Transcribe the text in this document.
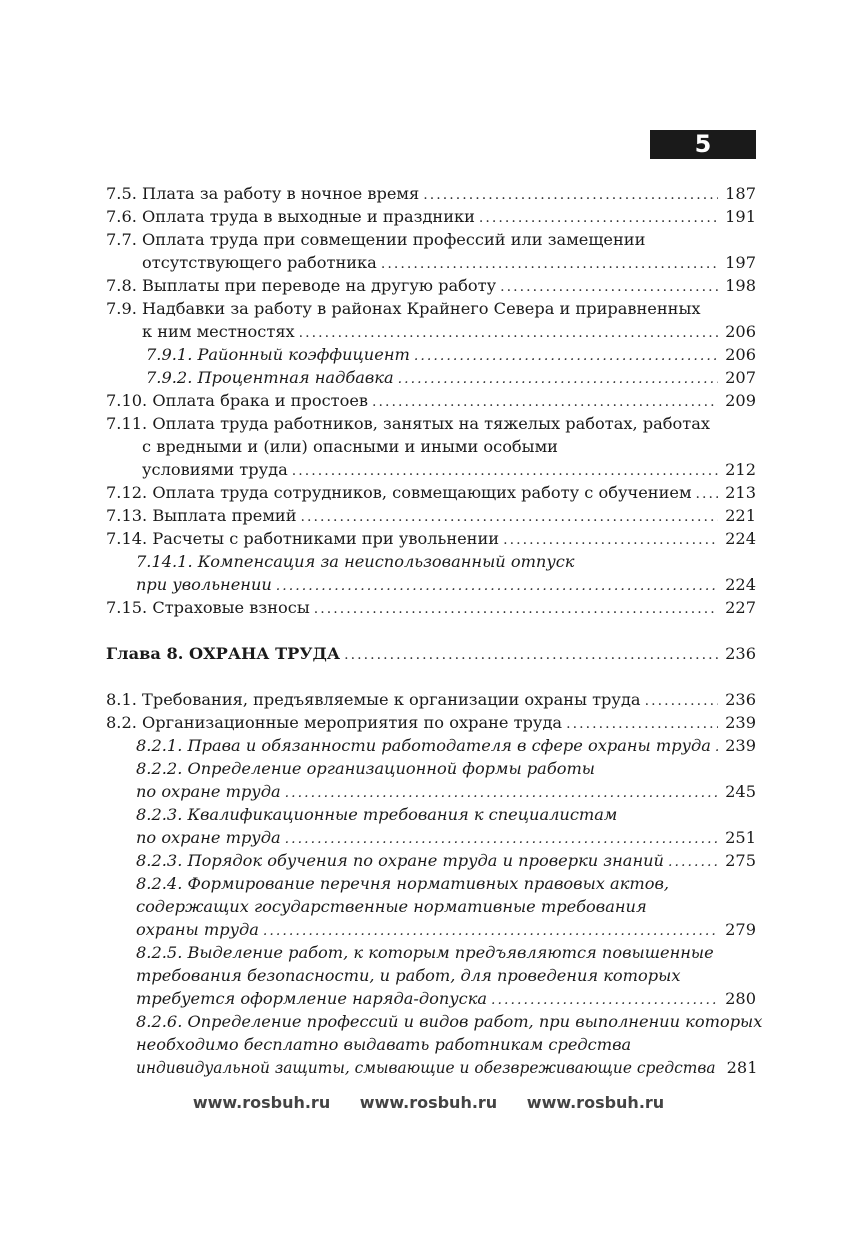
5
7.5. Плата за работу в ночное время . . .	187
7.6. Оплата труда в выходные и праздники . . .	191
7.7. Оплата труда при совмещении профессий или замещении
отсутствующего работника . . .	197
7.8. Выплаты при переводе на другую работу . . .	198
7.9. Надбавки за работу в районах Крайнего Севера и приравненных
к ним местностях . . .	206
7.9.1. Районный коэффициент . . .	206
7.9.2. Процентная надбавка . . .	207
7.10. Оплата брака и простоев . . .	209
7.11. Оплата труда работников, занятых на тяжелых работах, работах
с вредными и (или) опасными и иными особыми
условиями труда . . .	212
7.12. Оплата труда сотрудников, совмещающих работу с обучением . . . 213
7.13. Выплата премий . . .	221
7.14. Расчеты с работниками при увольнении . . .	224
7.14.1. Компенсация за неиспользованный отпуск
при увольнении . . .	224
7.15. Страховые взносы . . .	227
Глава 8. ОХРАНА ТРУДА . . .	236
8.1. Требования, предъявляемые к организации охраны труда . . .	236
8.2. Организационные мероприятия по охране труда . . .	239
8.2.1. Права и обязанности работодателя в сфере охраны труда . . . 239
8.2.2. Определение организационной формы работы
по охране труда . . .	245
8.2.3. Квалификационные требования к специалистам
по охране труда . . .	251
8.2.3. Порядок обучения по охране труда и проверки знаний . . .	275
8.2.4. Формирование перечня нормативных правовых актов,
содержащих государственные нормативные требования
охраны труда . . .	279
8.2.5. Выделение работ, к которым предъявляются повышенные
требования безопасности, и работ, для проведения которых
требуется оформление наряда-допуска . . .	280
8.2.6. Определение профессий и видов работ, при выполнении которых
необходимо бесплатно выдавать работникам средства
индивидуальной защиты, смывающие и обезвреживающие средства 281
www.rosbuh.ru www.rosbuh.ru www.rosbuh.ru
